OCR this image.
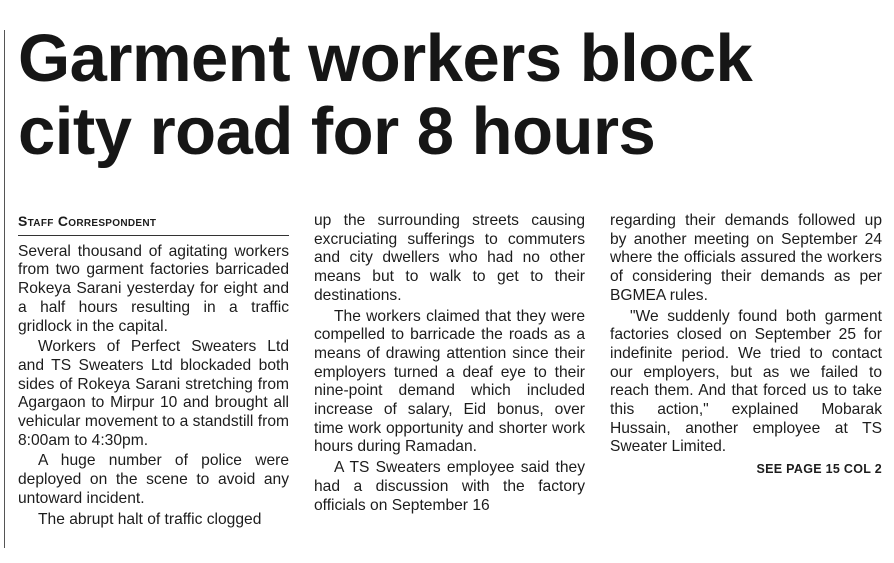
Garment workers block
city road for 8 hours
Staff Correspondent

Several thousand of agitating workers from two garment factories barricaded Rokeya Sarani yesterday for eight and a half hours resulting in a traffic gridlock in the capital.

Workers of Perfect Sweaters Ltd and TS Sweaters Ltd blockaded both sides of Rokeya Sarani stretching from Agargaon to Mirpur 10 and brought all vehicular movement to a standstill from 8:00am to 4:30pm.

A huge number of police were deployed on the scene to avoid any untoward incident.

The abrupt halt of traffic clogged

up the surrounding streets causing excruciating sufferings to commuters and city dwellers who had no other means but to walk to get to their destinations.

The workers claimed that they were compelled to barricade the roads as a means of drawing attention since their employers turned a deaf eye to their nine-point demand which included increase of salary, Eid bonus, over time work opportunity and shorter work hours during Ramadan.

A TS Sweaters employee said they had a discussion with the factory officials on September 16

regarding their demands followed up by another meeting on September 24 where the officials assured the workers of considering their demands as per BGMEA rules.

"We suddenly found both garment factories closed on September 25 for indefinite period. We tried to contact our employers, but as we failed to reach them. And that forced us to take this action," explained Mobarak Hussain, another employee at TS Sweater Limited.

SEE PAGE 15 COL 2
